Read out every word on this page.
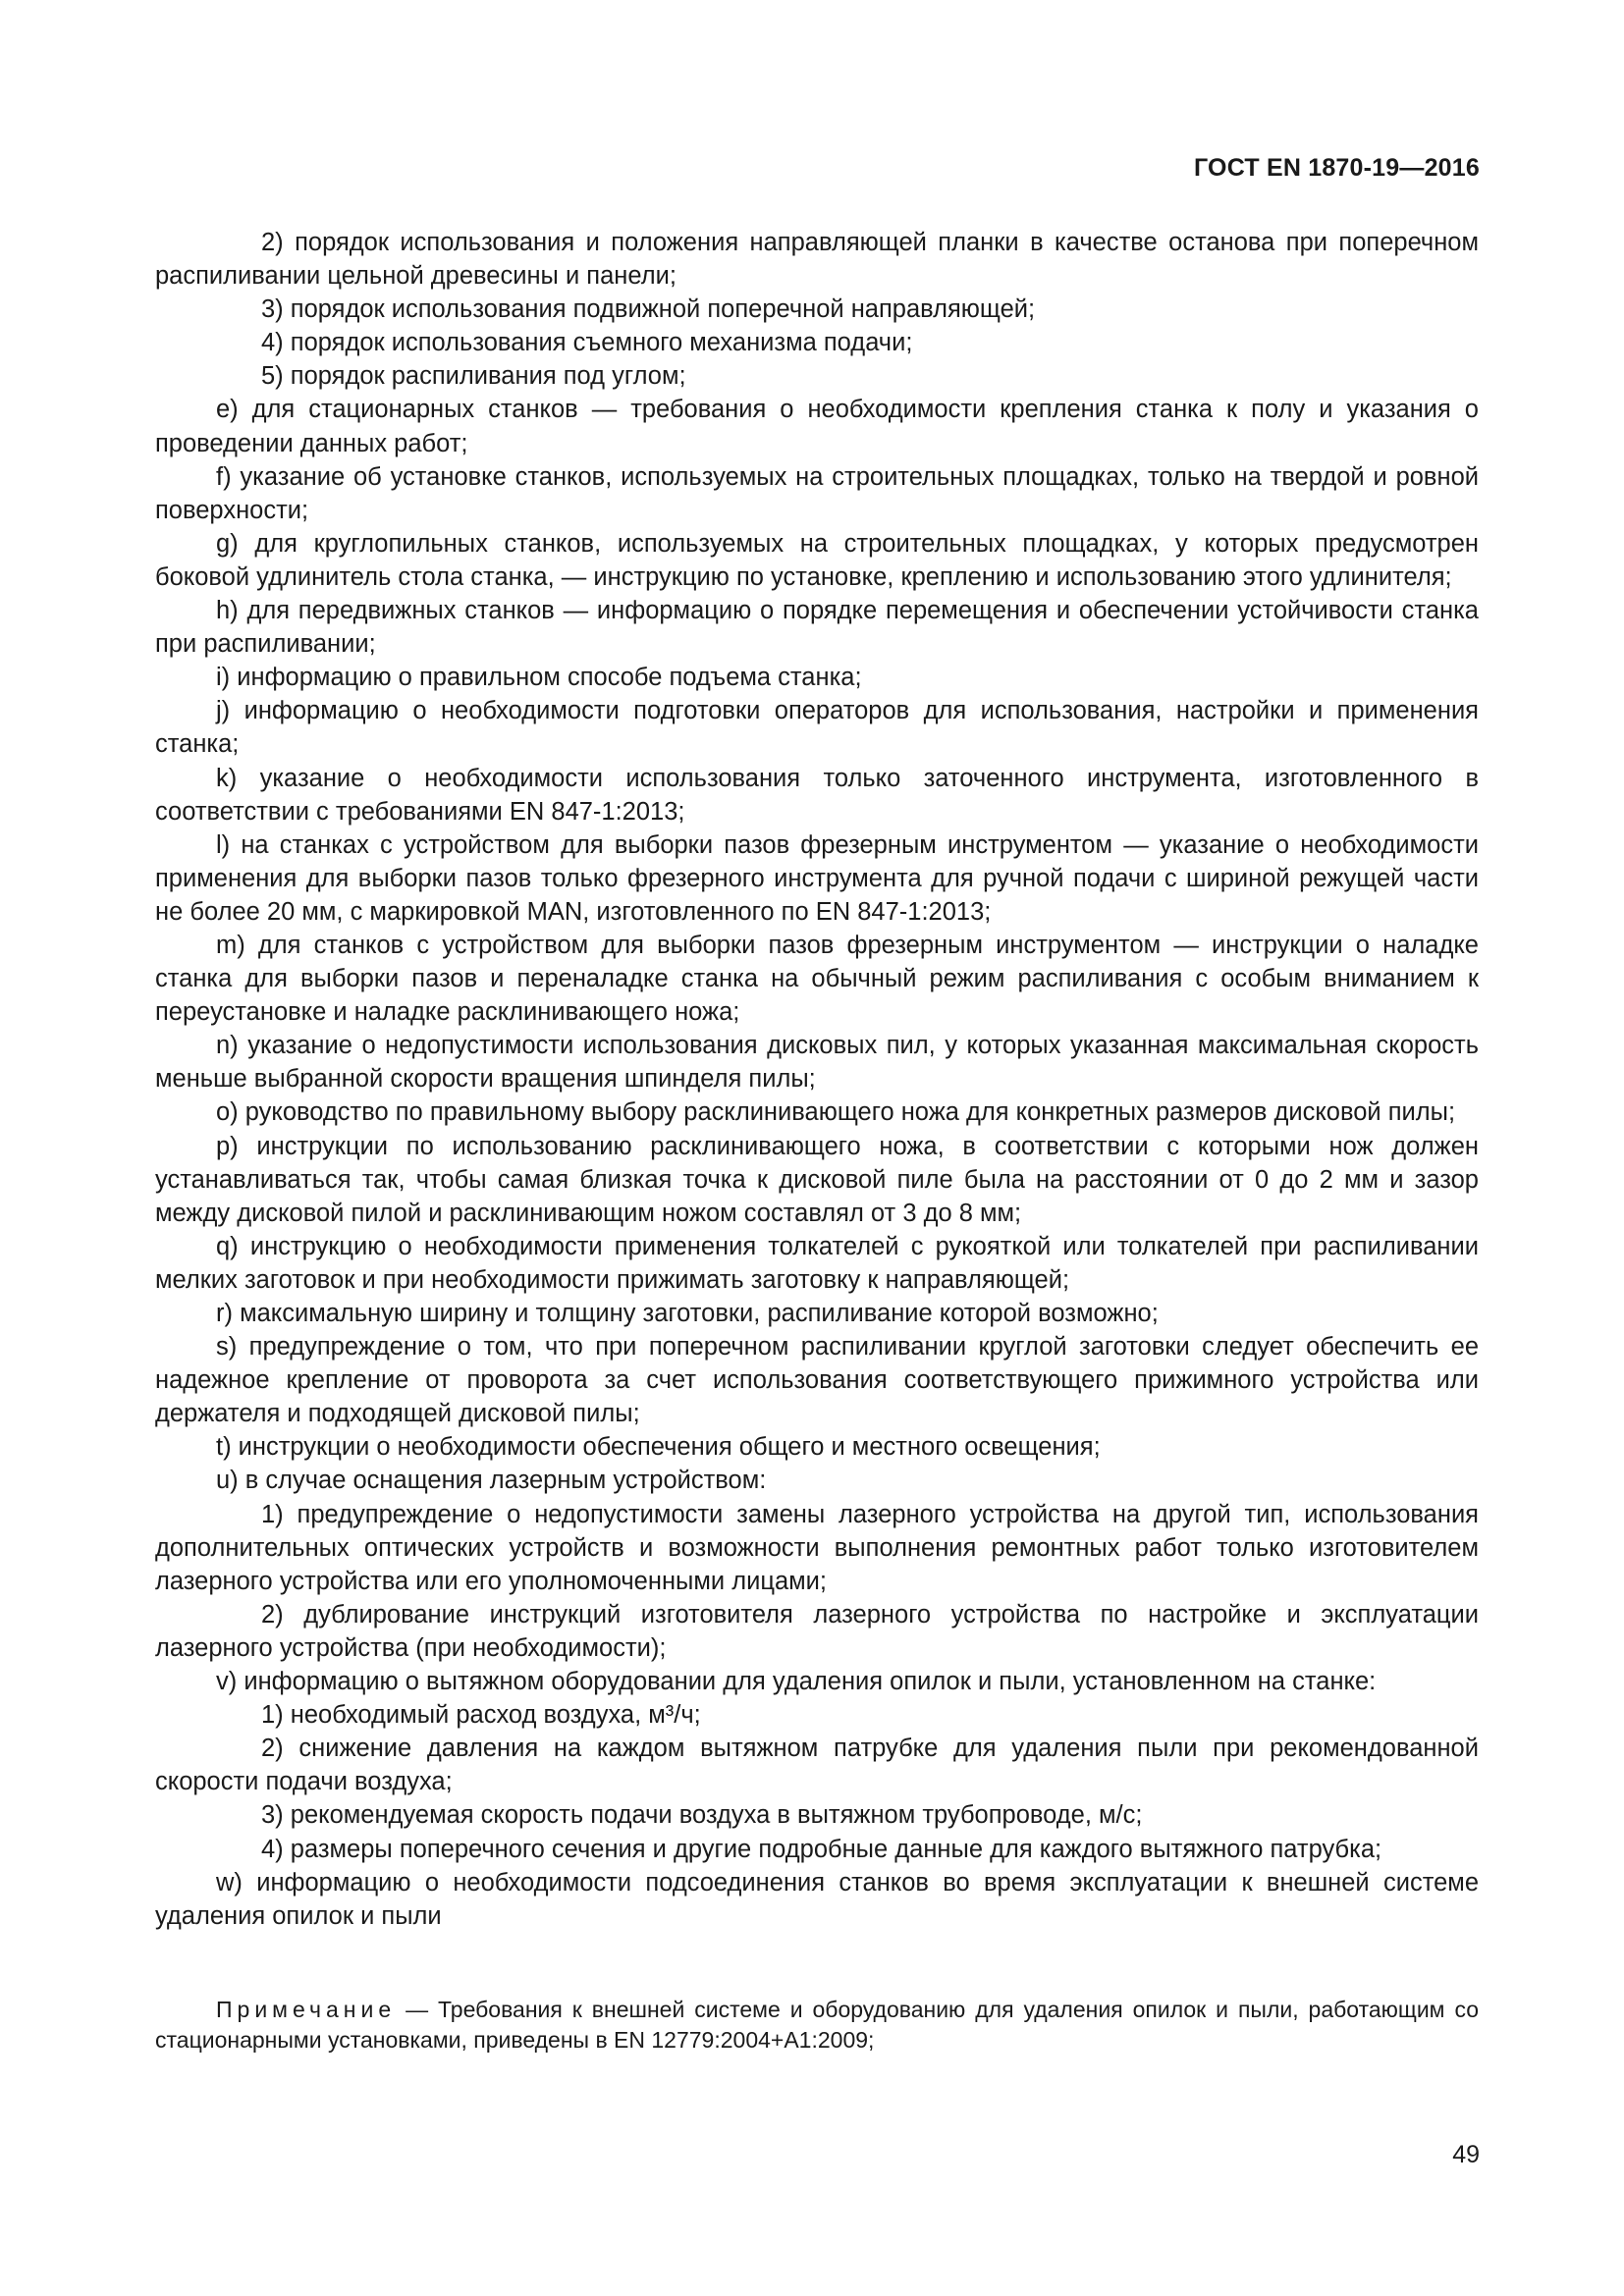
ГОСТ EN 1870-19—2016

2) порядок использования и положения направляющей планки в качестве останова при поперечном распиливании цельной древесины и панели;

3) порядок использования подвижной поперечной направляющей;

4) порядок использования съемного механизма подачи;

5) порядок распиливания под углом;

е) для стационарных станков — требования о необходимости крепления станка к полу и указания о проведении данных работ;

f) указание об установке станков, используемых на строительных площадках, только на твердой и ровной поверхности;

g) для круглопильных станков, используемых на строительных площадках, у которых предусмотрен боковой удлинитель стола станка, — инструкцию по установке, креплению и использованию этого удлинителя;

h) для передвижных станков — информацию о порядке перемещения и обеспечении устойчивости станка при распиливании;

i) информацию о правильном способе подъема станка;

j) информацию о необходимости подготовки операторов для использования, настройки и применения станка;

k) указание о необходимости использования только заточенного инструмента, изготовленного в соответствии с требованиями EN 847-1:2013;

l) на станках с устройством для выборки пазов фрезерным инструментом — указание о необходимости применения для выборки пазов только фрезерного инструмента для ручной подачи с шириной режущей части не более 20 мм, с маркировкой MAN, изготовленного по EN 847-1:2013;

m) для станков с устройством для выборки пазов фрезерным инструментом — инструкции о наладке станка для выборки пазов и переналадке станка на обычный режим распиливания с особым вниманием к переустановке и наладке расклинивающего ножа;

n) указание о недопустимости использования дисковых пил, у которых указанная максимальная скорость меньше выбранной скорости вращения шпинделя пилы;

о) руководство по правильному выбору расклинивающего ножа для конкретных размеров дисковой пилы;

р) инструкции по использованию расклинивающего ножа, в соответствии с которыми нож должен устанавливаться так, чтобы самая близкая точка к дисковой пиле была на расстоянии от 0 до 2 мм и зазор между дисковой пилой и расклинивающим ножом составлял от 3 до 8 мм;

q) инструкцию о необходимости применения толкателей с рукояткой или толкателей при распиливании мелких заготовок и при необходимости прижимать заготовку к направляющей;

r) максимальную ширину и толщину заготовки, распиливание которой возможно;

s) предупреждение о том, что при поперечном распиливании круглой заготовки следует обеспечить ее надежное крепление от проворота за счет использования соответствующего прижимного устройства или держателя и подходящей дисковой пилы;

t) инструкции о необходимости обеспечения общего и местного освещения;

u) в случае оснащения лазерным устройством:

1) предупреждение о недопустимости замены лазерного устройства на другой тип, использования дополнительных оптических устройств и возможности выполнения ремонтных работ только изготовителем лазерного устройства или его уполномоченными лицами;

2) дублирование инструкций изготовителя лазерного устройства по настройке и эксплуатации лазерного устройства (при необходимости);

v) информацию о вытяжном оборудовании для удаления опилок и пыли, установленном на станке:

1) необходимый расход воздуха, м³/ч;

2) снижение давления на каждом вытяжном патрубке для удаления пыли при рекомендованной скорости подачи воздуха;

3) рекомендуемая скорость подачи воздуха в вытяжном трубопроводе, м/с;

4) размеры поперечного сечения и другие подробные данные для каждого вытяжного патрубка;

w) информацию о необходимости подсоединения станков во время эксплуатации к внешней системе удаления опилок и пыли

Примечание — Требования к внешней системе и оборудованию для удаления опилок и пыли, работающим со стационарными установками, приведены в EN 12779:2004+A1:2009;

49
